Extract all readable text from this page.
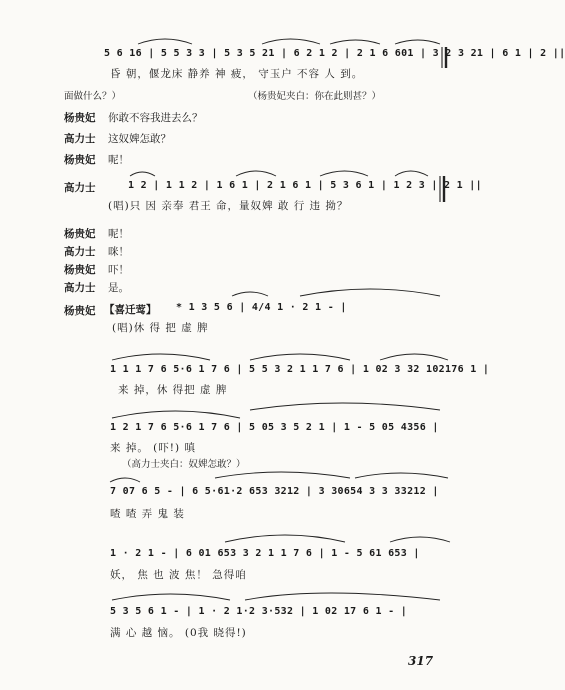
5 6 16 | 5 5 3 3 | 5 3 5 21 | 6 2 1 2 | 2 1 6 601 | 3 2 3 21 | 6 1 | 2 ||
昏 朝，偃龙床 静养 神 疲， 守玉户 不容 人 到。
面做什么？）	（杨贵妃夹白：你在此则甚？）
杨贵妃 你敢不容我进去么？
高力士 这奴婢怎敢？
杨贵妃 呢！
高力士	1 2 | 1 1 2 | 1 6 1 | 2 1 6 1 | 5 3 6 1 | 1 2 3 | 2 1 ||
(唱)只 因 亲奉 君王 命，量奴婢 敢 行 违 拗？
杨贵妃 呢！
高力士 咪！
杨贵妃 吓！
高力士 是。
杨贵妃 【喜迁莺】 * 1 3 5 6 | 4/4 1 · 2 1 - |
(唱)休 得 把 虚 脾
1 1 1 7 6 5·6 1 7 6 | 5 5 3 2 1 1 7 6 | 1 02 3 32 102176 1 |
来 掉，休 得把 虚 脾
1 2 1 7 6 5·6 1 7 6 | 5 05 3 5 2 1 | 1 - 5 05 4356 |
来 掉。 (吓!) 嗔
（高力士夹白：奴婢怎敢？）
7 07 6 5 - | 6 5·61·2 653 3212 | 3 30654 3 3 33212 |
喳 喳 弄 鬼 装
1 · 2 1 - | 6 01 653 3 2 1 1 7 6 | 1 - 5 61 653 |
妖， 焦 也 波 焦！ 急得咱
5 3 5 6 1 - | 1 · 2 1·2 3·532 | 1 02 17 6 1 - |
满 心 越 恼。 (0我 晓得!)
317
